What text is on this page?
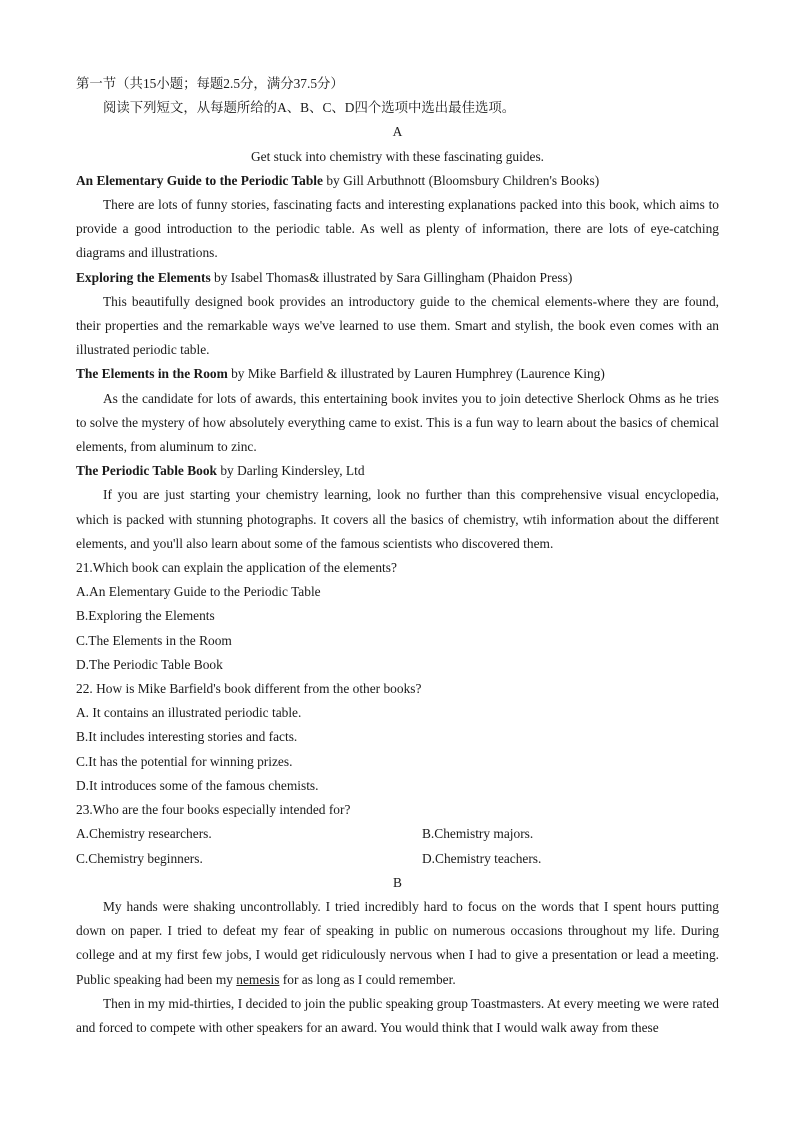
第一节（共15小题；每题2.5分，满分37.5分）
阅读下列短文，从每题所给的A、B、C、D四个选项中选出最佳选项。
A
Get stuck into chemistry with these fascinating guides.
An Elementary Guide to the Periodic Table by Gill Arbuthnott (Bloomsbury Children's Books)
There are lots of funny stories, fascinating facts and interesting explanations packed into this book, which aims to provide a good introduction to the periodic table. As well as plenty of information, there are lots of eye-catching diagrams and illustrations.
Exploring the Elements by Isabel Thomas& illustrated by Sara Gillingham (Phaidon Press)
This beautifully designed book provides an introductory guide to the chemical elements-where they are found, their properties and the remarkable ways we've learned to use them. Smart and stylish, the book even comes with an illustrated periodic table.
The Elements in the Room by Mike Barfield & illustrated by Lauren Humphrey (Laurence King)
As the candidate for lots of awards, this entertaining book invites you to join detective Sherlock Ohms as he tries to solve the mystery of how absolutely everything came to exist. This is a fun way to learn about the basics of chemical elements, from aluminum to zinc.
The Periodic Table Book by Darling Kindersley, Ltd
If you are just starting your chemistry learning, look no further than this comprehensive visual encyclopedia, which is packed with stunning photographs. It covers all the basics of chemistry, wtih information about the different elements, and you'll also learn about some of the famous scientists who discovered them.
21.Which book can explain the application of the elements?
A.An Elementary Guide to the Periodic Table
B.Exploring the Elements
C.The Elements in the Room
D.The Periodic Table Book
22. How is Mike Barfield's book different from the other books?
A. It contains an illustrated periodic table.
B.It includes interesting stories and facts.
C.It has the potential for winning prizes.
D.It introduces some of the famous chemists.
23.Who are the four books especially intended for?
A.Chemistry researchers.	B.Chemistry majors.
C.Chemistry beginners.	D.Chemistry teachers.
B
My hands were shaking uncontrollably. I tried incredibly hard to focus on the words that I spent hours putting down on paper. I tried to defeat my fear of speaking in public on numerous occasions throughout my life. During college and at my first few jobs, I would get ridiculously nervous when I had to give a presentation or lead a meeting. Public speaking had been my nemesis for as long as I could remember.
Then in my mid-thirties, I decided to join the public speaking group Toastmasters. At every meeting we were rated and forced to compete with other speakers for an award. You would think that I would walk away from these
